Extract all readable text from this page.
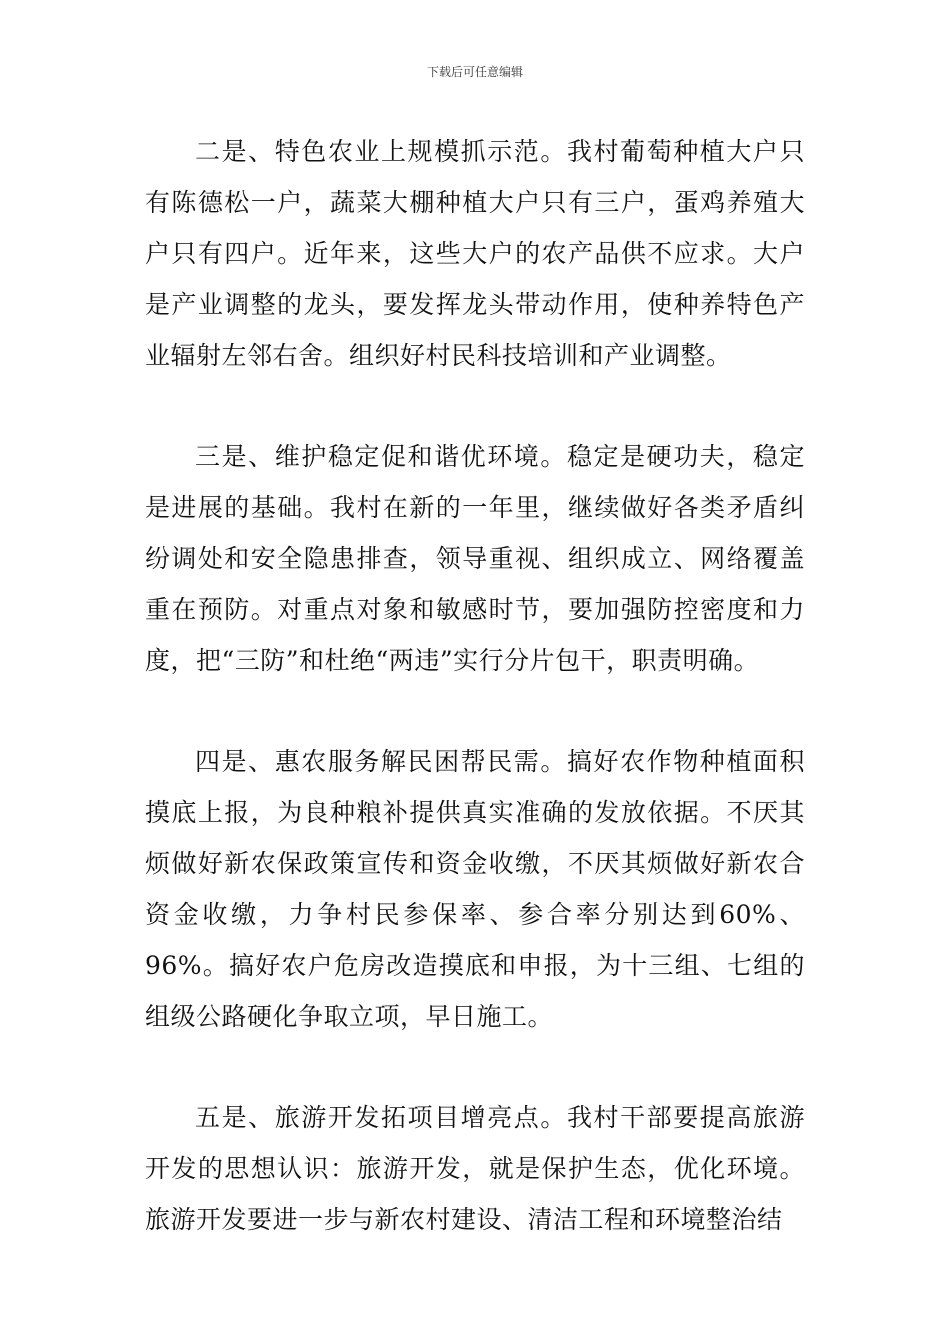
下载后可任意编辑

二是、特色农业上规模抓示范。我村葡萄种植大户只有陈德松一户，蔬菜大棚种植大户只有三户，蛋鸡养殖大户只有四户。近年来，这些大户的农产品供不应求。大户是产业调整的龙头，要发挥龙头带动作用，使种养特色产业辐射左邻右舍。组织好村民科技培训和产业调整。

三是、维护稳定促和谐优环境。稳定是硬功夫，稳定是进展的基础。我村在新的一年里，继续做好各类矛盾纠纷调处和安全隐患排查，领导重视、组织成立、网络覆盖重在预防。对重点对象和敏感时节，要加强防控密度和力度，把“三防”和杜绝“两违”实行分片包干，职责明确。

四是、惠农服务解民困帮民需。搞好农作物种植面积摸底上报，为良种粮补提供真实准确的发放依据。不厌其烦做好新农保政策宣传和资金收缴，不厌其烦做好新农合资金收缴，力争村民参保率、参合率分别达到60%、96%。搞好农户危房改造摸底和申报，为十三组、七组的组级公路硬化争取立项，早日施工。

五是、旅游开发拓项目增亮点。我村干部要提高旅游开发的思想认识：旅游开发，就是保护生态，优化环境。旅游开发要进一步与新农村建设、清洁工程和环境整治结
